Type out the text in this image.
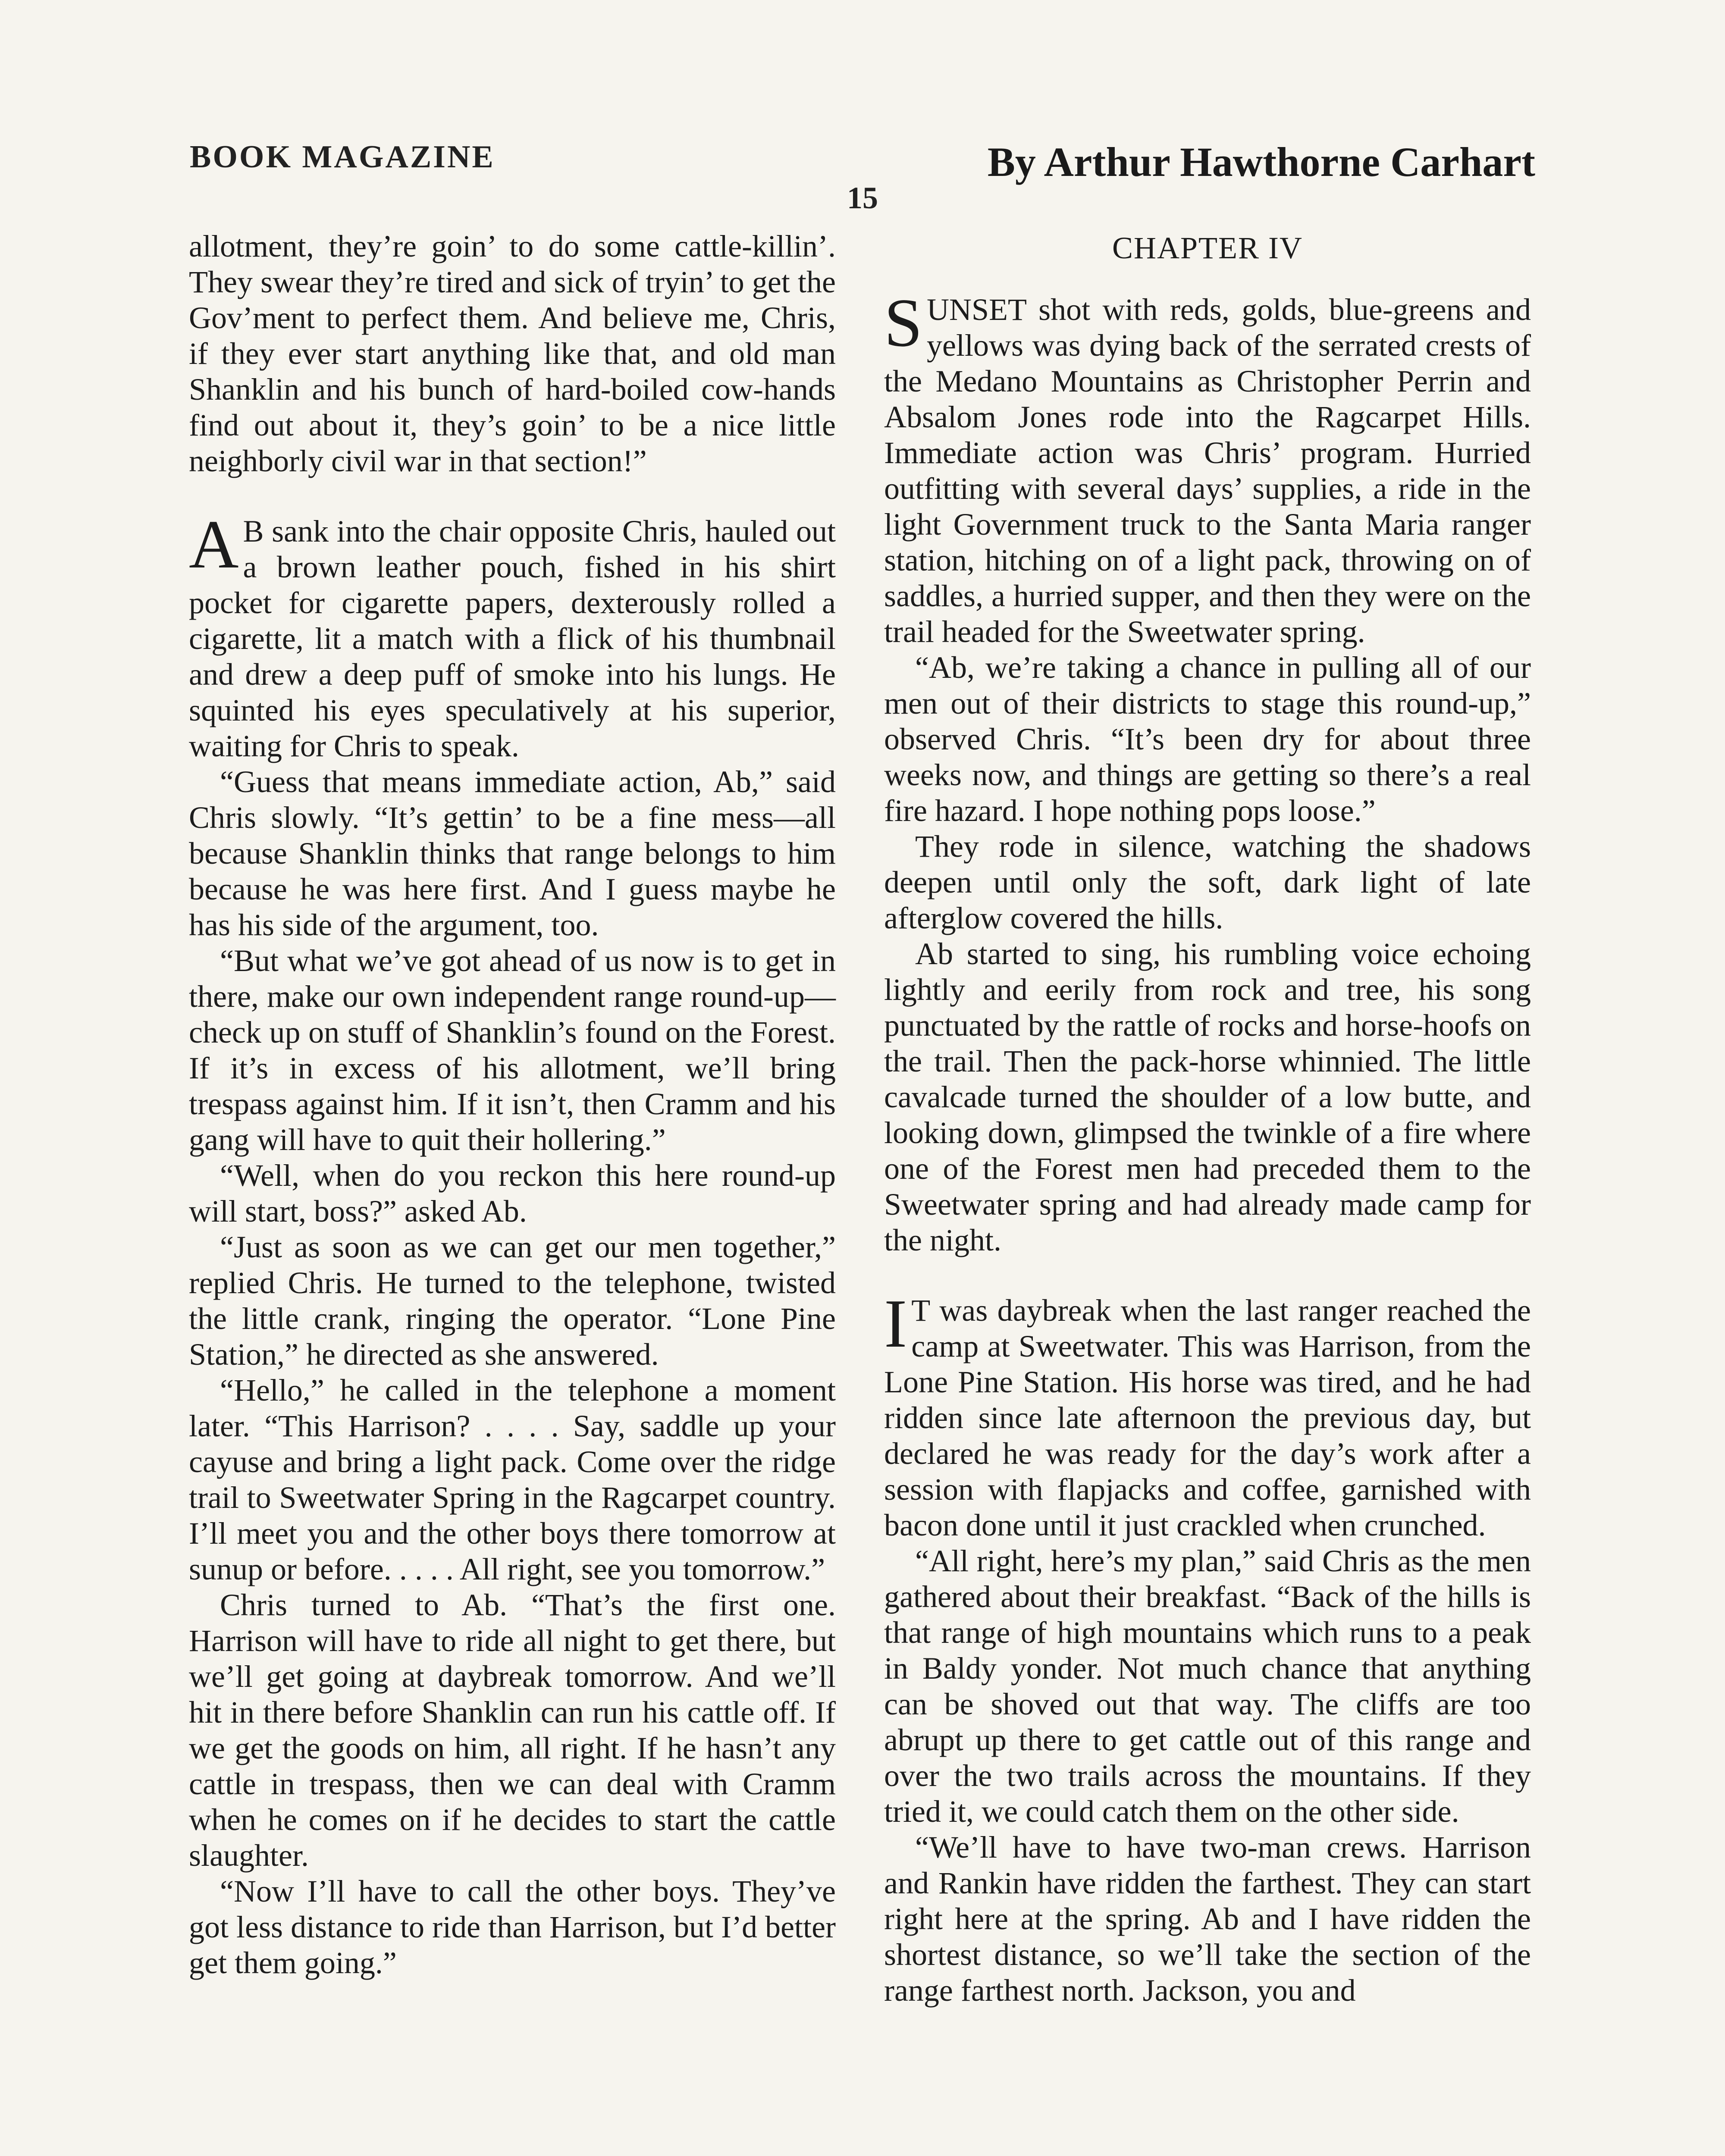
BOOK MAGAZINE	By Arthur Hawthorne Carhart
15

allotment, they’re goin’ to do some cattle-killin’. They swear they’re tired and sick of tryin’ to get the Gov’ment to perfect them. And believe me, Chris, if they ever start anything like that, and old man Shanklin and his bunch of hard-boiled cow-hands find out about it, they’s goin’ to be a nice little neighborly civil war in that section!”

A B sank into the chair opposite Chris, hauled out a brown leather pouch, fished in his shirt pocket for cigarette papers, dexterously rolled a cigarette, lit a match with a flick of his thumbnail and drew a deep puff of smoke into his lungs. He squinted his eyes speculatively at his superior, waiting for Chris to speak.

“Guess that means immediate action, Ab,” said Chris slowly. “It’s gettin’ to be a fine mess—all because Shanklin thinks that range belongs to him because he was here first. And I guess maybe he has his side of the argument, too.

“But what we’ve got ahead of us now is to get in there, make our own independent range round-up—check up on stuff of Shanklin’s found on the Forest. If it’s in excess of his allotment, we’ll bring trespass against him. If it isn’t, then Cramm and his gang will have to quit their hollering.”

“Well, when do you reckon this here round-up will start, boss?” asked Ab.

“Just as soon as we can get our men together,” replied Chris. He turned to the telephone, twisted the little crank, ringing the operator. “Lone Pine Station,” he directed as she answered.

“Hello,” he called in the telephone a moment later. “This Harrison? . . . . Say, saddle up your cayuse and bring a light pack. Come over the ridge trail to Sweetwater Spring in the Ragcarpet country. I’ll meet you and the other boys there tomorrow at sunup or before. . . . . All right, see you tomorrow.”

Chris turned to Ab. “That’s the first one. Harrison will have to ride all night to get there, but we’ll get going at daybreak tomorrow. And we’ll hit in there before Shanklin can run his cattle off. If we get the goods on him, all right. If he hasn’t any cattle in trespass, then we can deal with Cramm when he comes on if he decides to start the cattle slaughter.

“Now I’ll have to call the other boys. They’ve got less distance to ride than Harrison, but I’d better get them going.”

CHAPTER IV

SUNSET shot with reds, golds, blue-greens and yellows was dying back of the serrated crests of the Medano Mountains as Christopher Perrin and Absalom Jones rode into the Ragcarpet Hills. Immediate action was Chris’ program. Hurried outfitting with several days’ supplies, a ride in the light Government truck to the Santa Maria ranger station, hitching on of a light pack, throwing on of saddles, a hurried supper, and then they were on the trail headed for the Sweetwater spring.

“Ab, we’re taking a chance in pulling all of our men out of their districts to stage this round-up,” observed Chris. “It’s been dry for about three weeks now, and things are getting so there’s a real fire hazard. I hope nothing pops loose.”

They rode in silence, watching the shadows deepen until only the soft, dark light of late afterglow covered the hills.

Ab started to sing, his rumbling voice echoing lightly and eerily from rock and tree, his song punctuated by the rattle of rocks and horse-hoofs on the trail. Then the pack-horse whinnied. The little cavalcade turned the shoulder of a low butte, and looking down, glimpsed the twinkle of a fire where one of the Forest men had preceded them to the Sweetwater spring and had already made camp for the night.

I T was daybreak when the last ranger reached the camp at Sweetwater. This was Harrison, from the Lone Pine Station. His horse was tired, and he had ridden since late afternoon the previous day, but declared he was ready for the day’s work after a session with flapjacks and coffee, garnished with bacon done until it just crackled when crunched.

“All right, here’s my plan,” said Chris as the men gathered about their breakfast. “Back of the hills is that range of high mountains which runs to a peak in Baldy yonder. Not much chance that anything can be shoved out that way. The cliffs are too abrupt up there to get cattle out of this range and over the two trails across the mountains. If they tried it, we could catch them on the other side.

“We’ll have to have two-man crews. Harrison and Rankin have ridden the farthest. They can start right here at the spring. Ab and I have ridden the shortest distance, so we’ll take the section of the range farthest north. Jackson, you and
